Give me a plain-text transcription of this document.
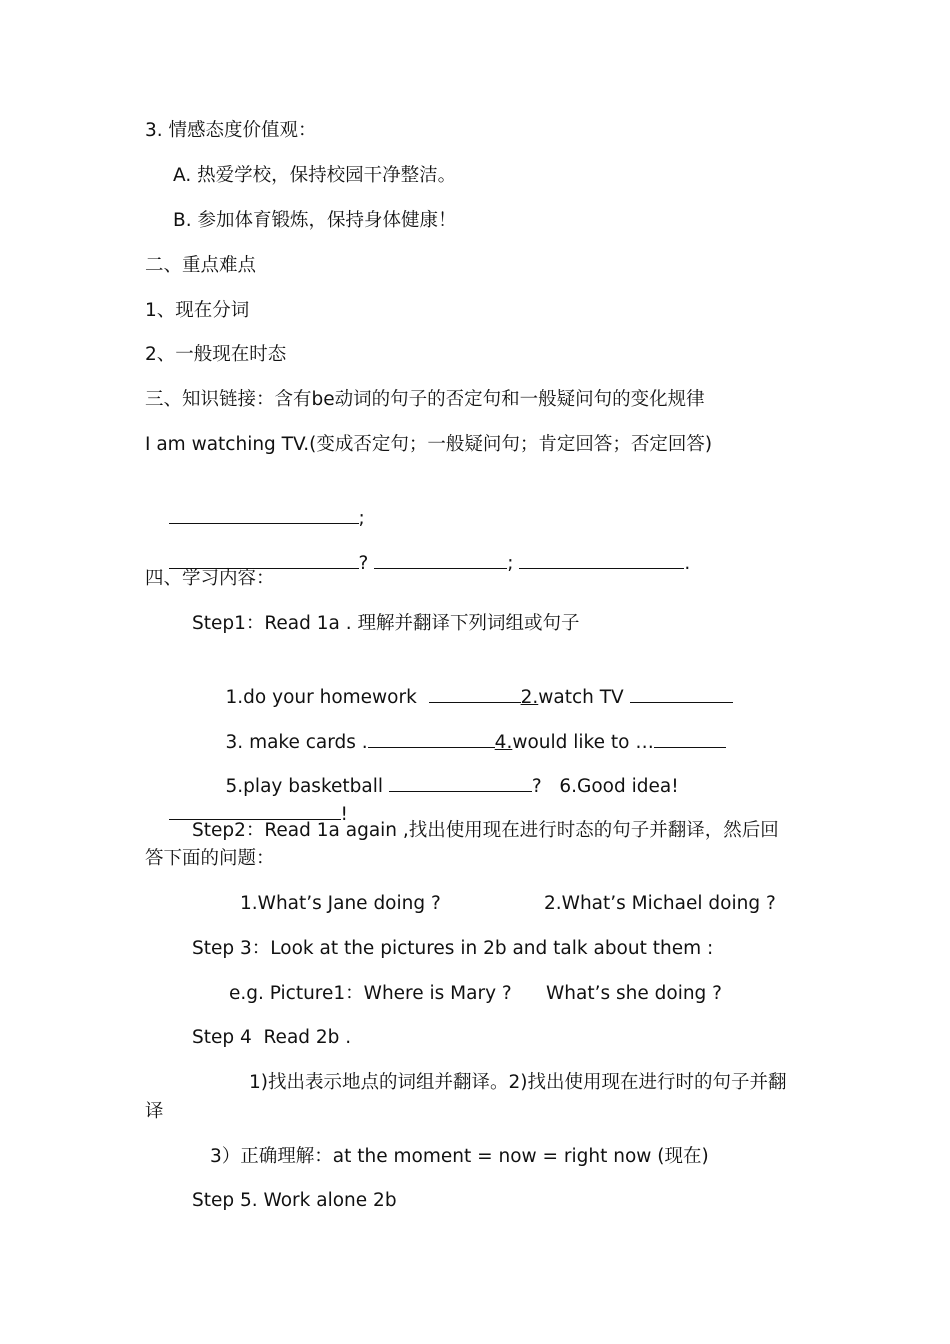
3. 情感态度价值观：
A. 热爱学校，保持校园干净整洁。
B. 参加体育锻炼，保持身体健康！
二、重点难点
1、现在分词
2、一般现在时态
三、知识链接：含有be动词的句子的否定句和一般疑问句的变化规律
I am watching TV.(变成否定句；一般疑问句；肯定回答；否定回答)

;

?	;	.

四、学习内容：
Step1：Read 1a . 理解并翻译下列词组或句子

1.do your homework	2.watch TV

3. make cards .	4.would like to …

5.play basketball	?   6.Good idea!

!

Step2：Read 1a again ,找出使用现在进行时态的句子并翻译，然后回
答下面的问题：
1.What’s Jane doing ?	2.What’s Michael doing ?
Step 3：Look at the pictures in 2b and talk about them :
e.g. Picture1：Where is Mary ? What’s she doing ?
Step 4  Read 2b .
1)找出表示地点的词组并翻译。2)找出使用现在进行时的句子并翻
译
3）正确理解：at the moment = now = right now (现在)
Step 5. Work alone 2b
